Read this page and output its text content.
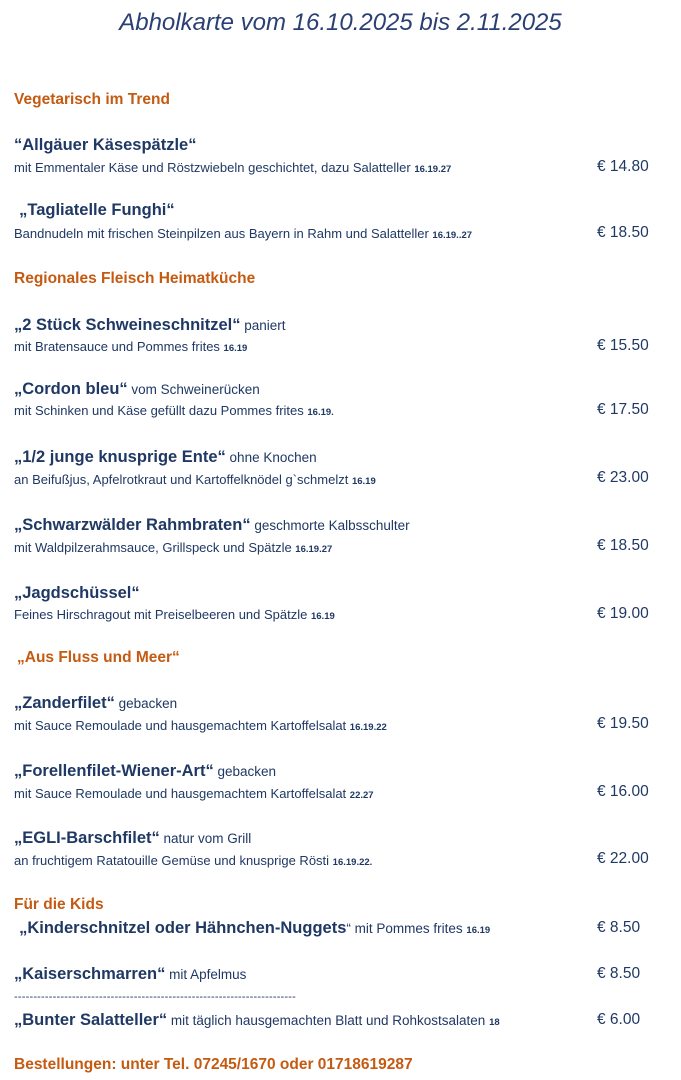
Abholkarte vom 16.10.2025 bis 2.11.2025
Vegetarisch im Trend
“Allgäuer Käsespätzle“
mit Emmentaler Käse und Röstzwiebeln geschichtet, dazu Salatteller 16.19.27	€ 14.80
„Tagliatelle Funghi“
Bandnudeln mit frischen Steinpilzen aus Bayern in Rahm und Salatteller 16.19..27	€ 18.50
Regionales Fleisch Heimatküche
„2 Stück Schweineschnitzel“ paniert
mit Bratensauce und Pommes frites 16.19	€ 15.50
„Cordon bleu“ vom Schweinerücken
mit Schinken und Käse gefüllt dazu Pommes frites 16.19.	€ 17.50
„1/2 junge knusprige Ente“ ohne Knochen
an Beifußjus, Apfelrotkraut und Kartoffelknödel g`schmelzt 16.19	€ 23.00
„Schwarzwälder Rahmbraten“ geschmorte Kalbsschulter
mit Waldpilzerahmsauce, Grillspeck und Spätzle 16.19.27	€ 18.50
„Jagdschüssel“
Feines Hirschragout mit Preiselbeeren und Spätzle 16.19	€ 19.00
„Aus Fluss und Meer“
„Zanderfilet“ gebacken
mit Sauce Remoulade und hausgemachtem Kartoffelsalat 16.19.22	€ 19.50
„Forellenfilet-Wiener-Art“ gebacken
mit Sauce Remoulade und hausgemachtem Kartoffelsalat 22.27	€ 16.00
„EGLI-Barschfilet“ natur vom Grill
an fruchtigem Ratatouille Gemüse und knusprige Rösti 16.19.22.	€ 22.00
Für die Kids
„Kinderschnitzel oder Hähnchen-Nuggets“ mit Pommes frites 16.19	€ 8.50
„Kaiserschmarren“ mit Apfelmus	€ 8.50
-------------------------------------------------------------------------
„Bunter Salatteller“ mit täglich hausgemachten Blatt und Rohkostsalaten 18	€ 6.00
Bestellungen: unter Tel. 07245/1670 oder 01718619287
